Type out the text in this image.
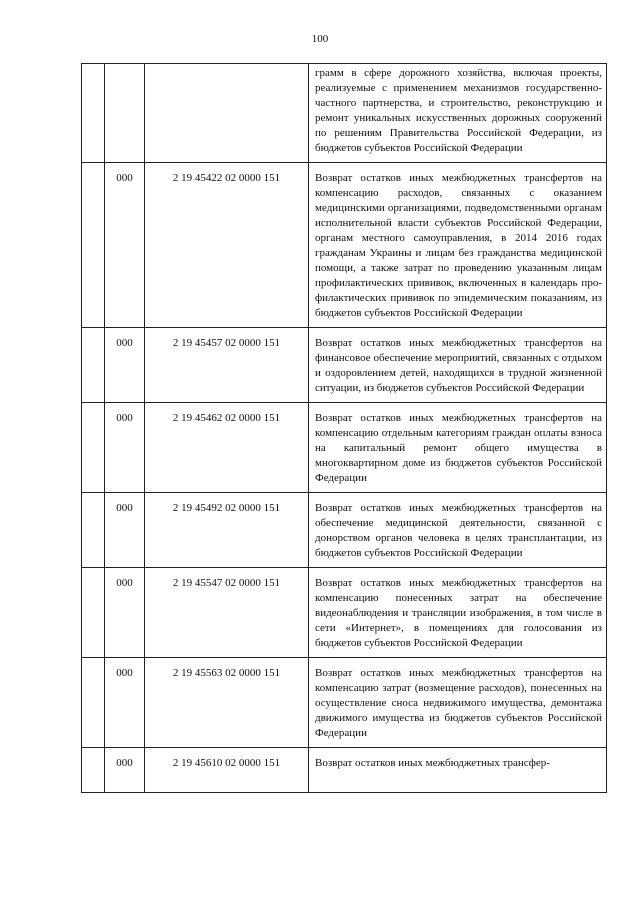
100
			грамм в сфере дорожного хозяйства, включая проекты, реализуемые с применением механизмов государственно-частного партнерства, и строительство, реконструкцию и ремонт уникальных искусственных дорожных сооружений по решениям Правительства Российской Федерации, из бюджетов субъектов Российской Федерации
	000	2 19 45422 02 0000 151	Возврат остатков иных межбюджетных трансфертов на компенсацию расходов, связанных с оказанием медицинскими организациями, подведомственными органам исполнительной власти субъектов Российской Федерации, органам местного самоуправления, в 2014 2016 годах гражданам Украины и лицам без гражданства медицинской помощи, а также затрат по проведению указанным лицам профилактических прививок, включенных в календарь профилактических прививок по эпидемическим показаниям, из бюджетов субъектов Российской Федерации
	000	2 19 45457 02 0000 151	Возврат остатков иных межбюджетных трансфертов на финансовое обеспечение мероприятий, связанных с отдыхом и оздоровлением детей, находящихся в трудной жизненной ситуации, из бюджетов субъектов Российской Федерации
	000	2 19 45462 02 0000 151	Возврат остатков иных межбюджетных трансфертов на компенсацию отдельным категориям граждан оплаты взноса на капитальный ремонт общего имущества в многоквартирном доме из бюджетов субъектов Российской Федерации
	000	2 19 45492 02 0000 151	Возврат остатков иных межбюджетных трансфертов на обеспечение медицинской деятельности, связанной с донорством органов человека в целях трансплантации, из бюджетов субъектов Российской Федерации
	000	2 19 45547 02 0000 151	Возврат остатков иных межбюджетных трансфертов на компенсацию понесенных затрат на обеспечение видеонаблюдения и трансляции изображения, в том числе в сети «Интернет», в помещениях для голосования из бюджетов субъектов Российской Федерации
	000	2 19 45563 02 0000 151	Возврат остатков иных межбюджетных трансфертов на компенсацию затрат (возмещение расходов), понесенных на осуществление сноса недвижимого имущества, демонтажа движимого имущества из бюджетов субъектов Российской Федерации
	000	2 19 45610 02 0000 151	Возврат остатков иных межбюджетных трансфер-
